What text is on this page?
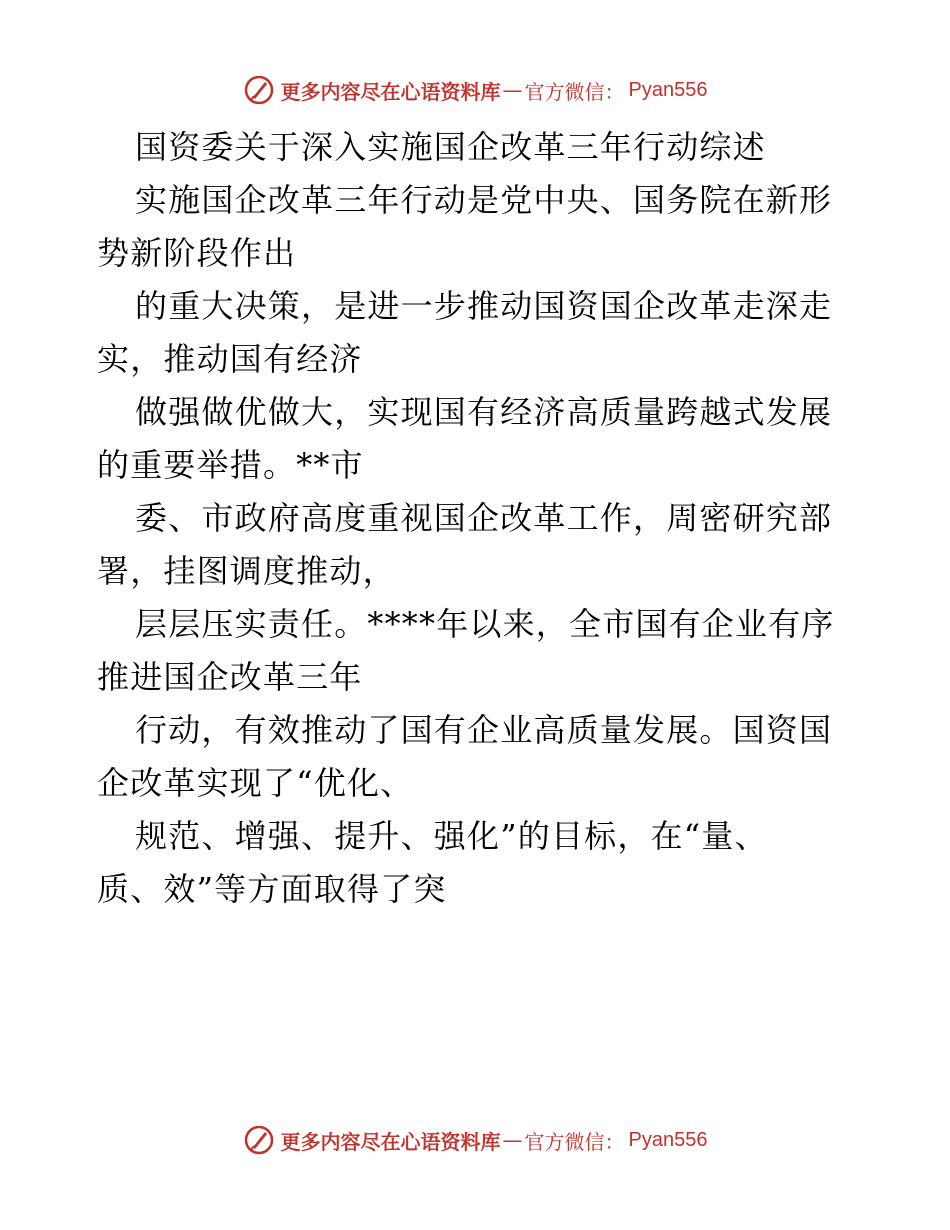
更多内容尽在心语资料库 — 官方微信： Pyan556
国资委关于深入实施国企改革三年行动综述
实施国企改革三年行动是党中央、国务院在新形
势新阶段作出
的重大决策，是进一步推动国资国企改革走深走
实，推动国有经济
做强做优做大，实现国有经济高质量跨越式发展
的重要举措。**市
委、市政府高度重视国企改革工作，周密研究部
署，挂图调度推动，
层层压实责任。****年以来，全市国有企业有序
推进国企改革三年
行动，有效推动了国有企业高质量发展。国资国
企改革实现了“优化、
规范、增强、提升、强化”的目标，在“量、
质、效”等方面取得了突
更多内容尽在心语资料库 — 官方微信： Pyan556
